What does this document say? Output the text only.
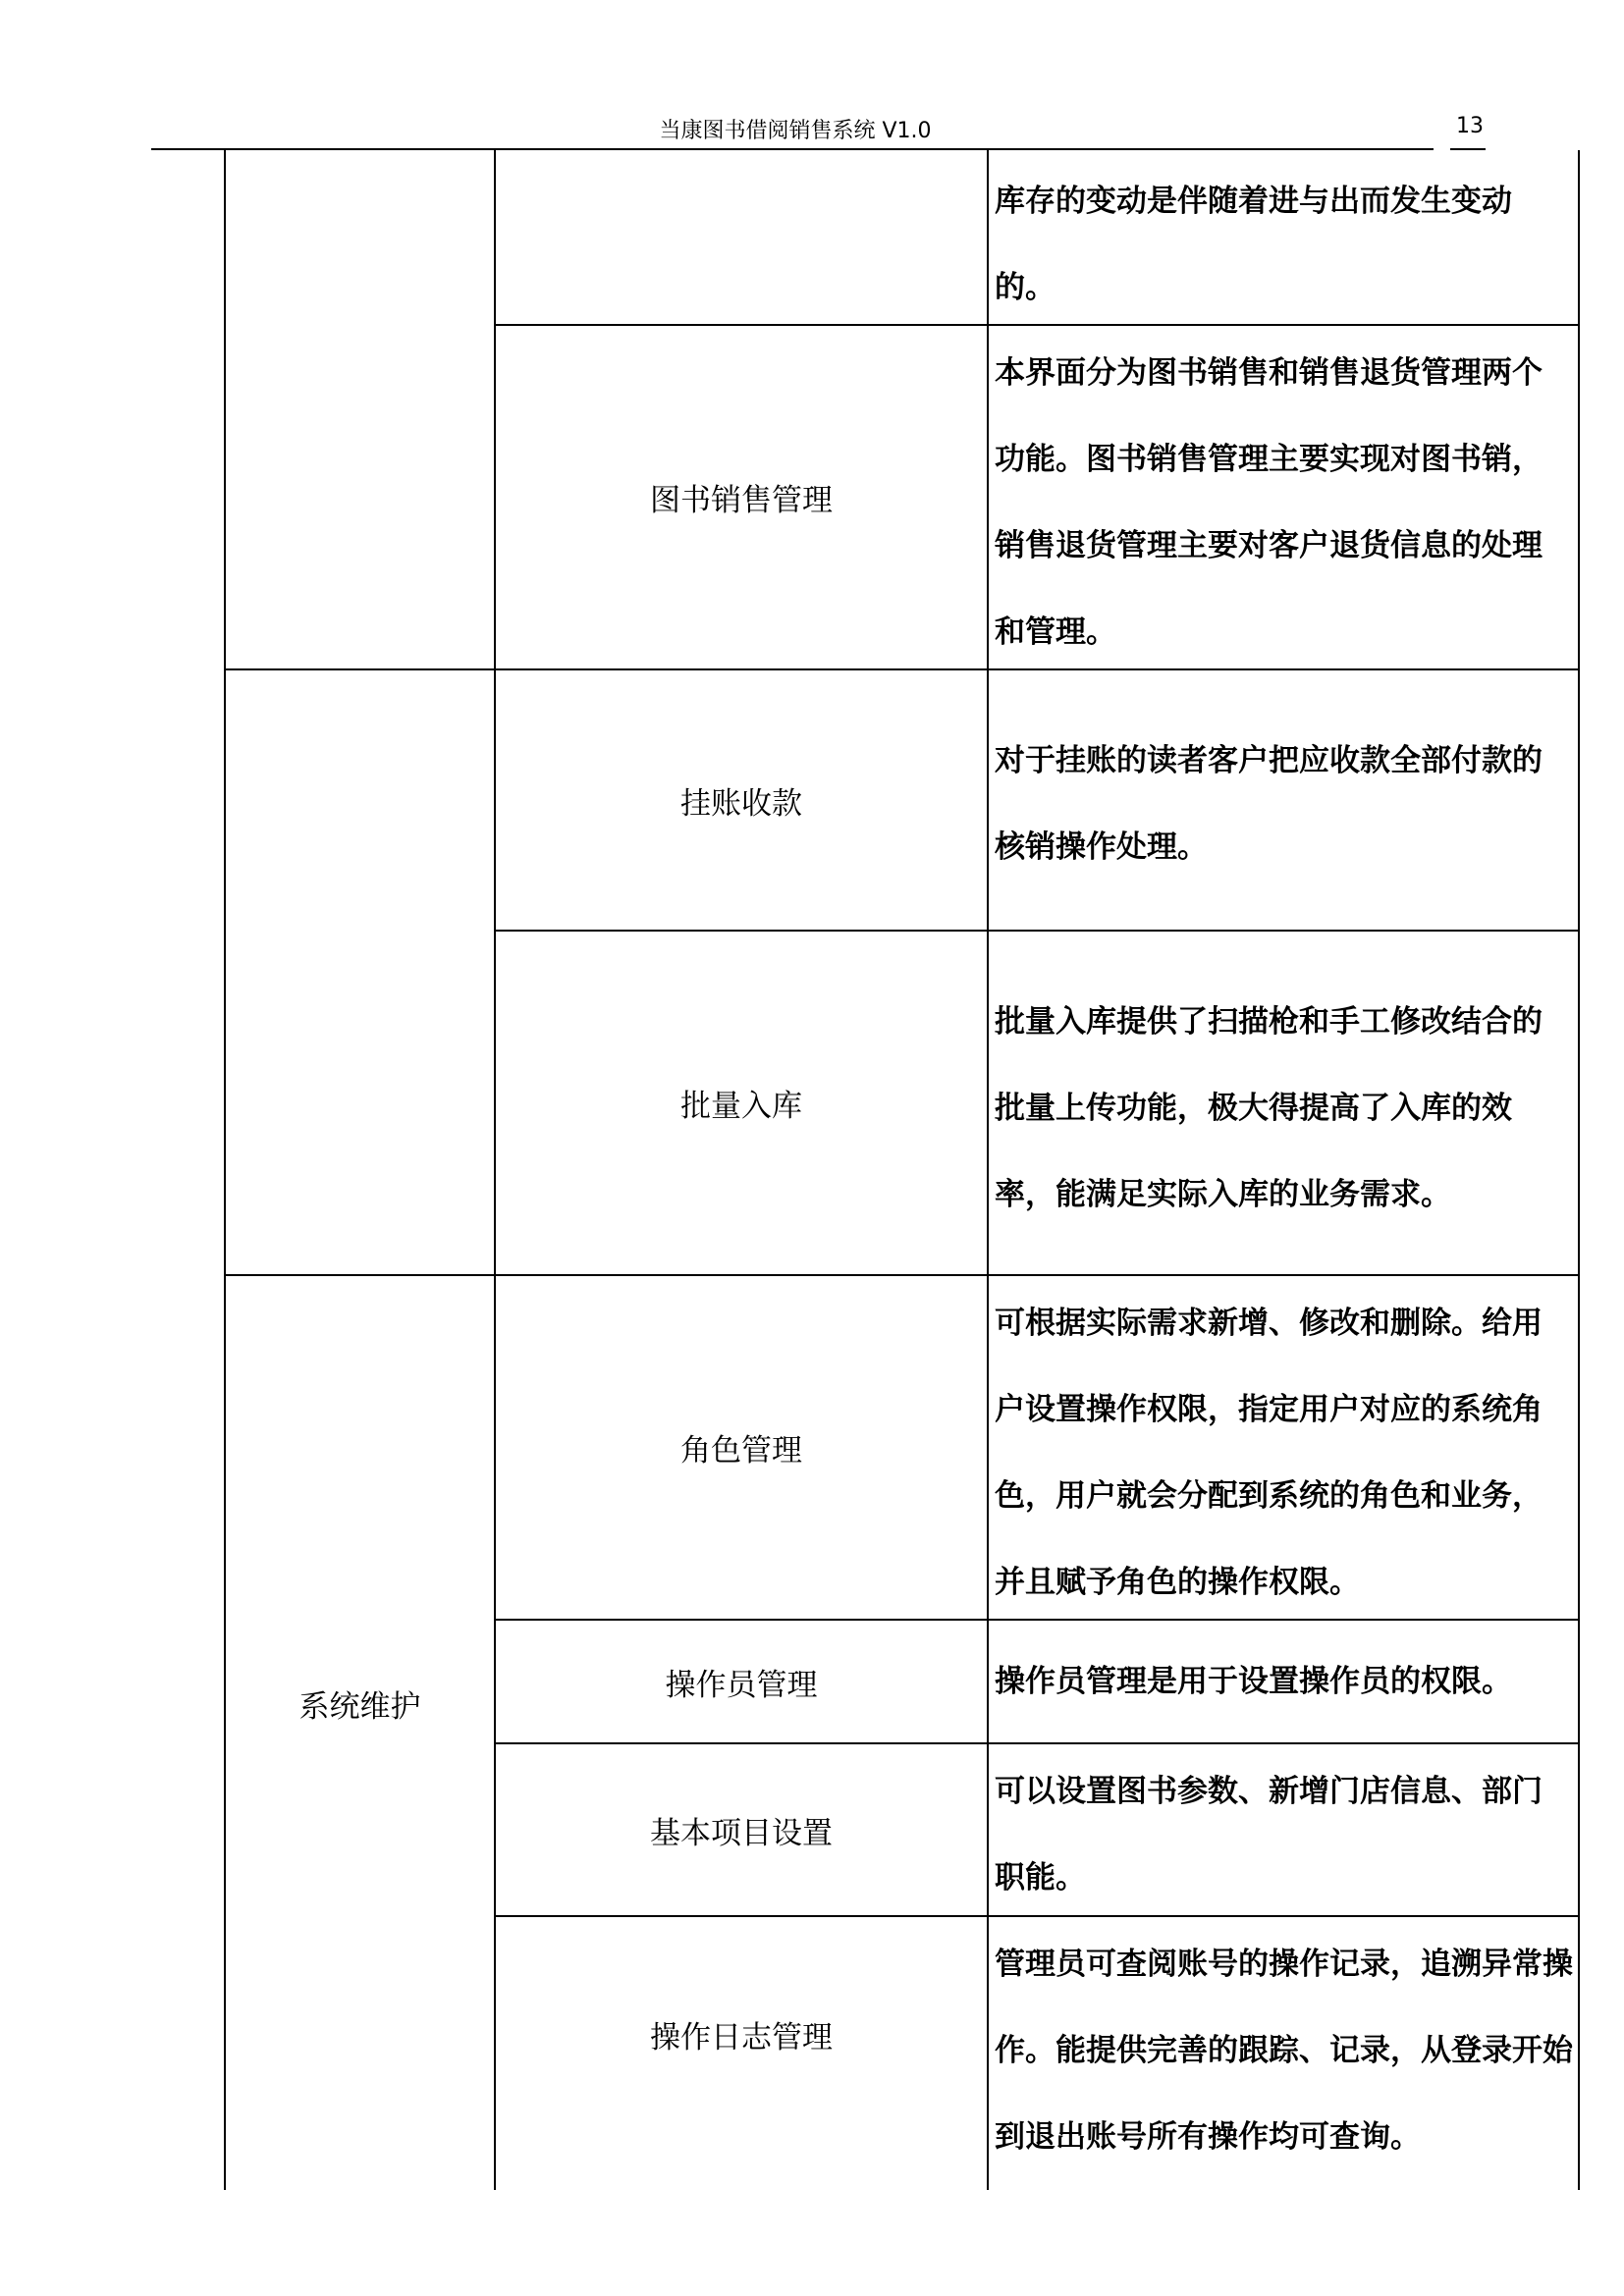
当康图书借阅销售系统 V1.0	13
库存的变动是伴随着进与出而发生变动的。
图书销售管理
本界面分为图书销售和销售退货管理两个功能。图书销售管理主要实现对图书销，销售退货管理主要对客户退货信息的处理和管理。
挂账收款
对于挂账的读者客户把应收款全部付款的核销操作处理。
批量入库
批量入库提供了扫描枪和手工修改结合的批量上传功能，极大得提高了入库的效率，能满足实际入库的业务需求。
系统维护
角色管理
可根据实际需求新增、修改和删除。给用户设置操作权限，指定用户对应的系统角色，用户就会分配到系统的角色和业务，并且赋予角色的操作权限。
操作员管理	操作员管理是用于设置操作员的权限。
基本项目设置
可以设置图书参数、新增门店信息、部门职能。
操作日志管理
管理员可查阅账号的操作记录，追溯异常操作。能提供完善的跟踪、记录，从登录开始到退出账号所有操作均可查询。
